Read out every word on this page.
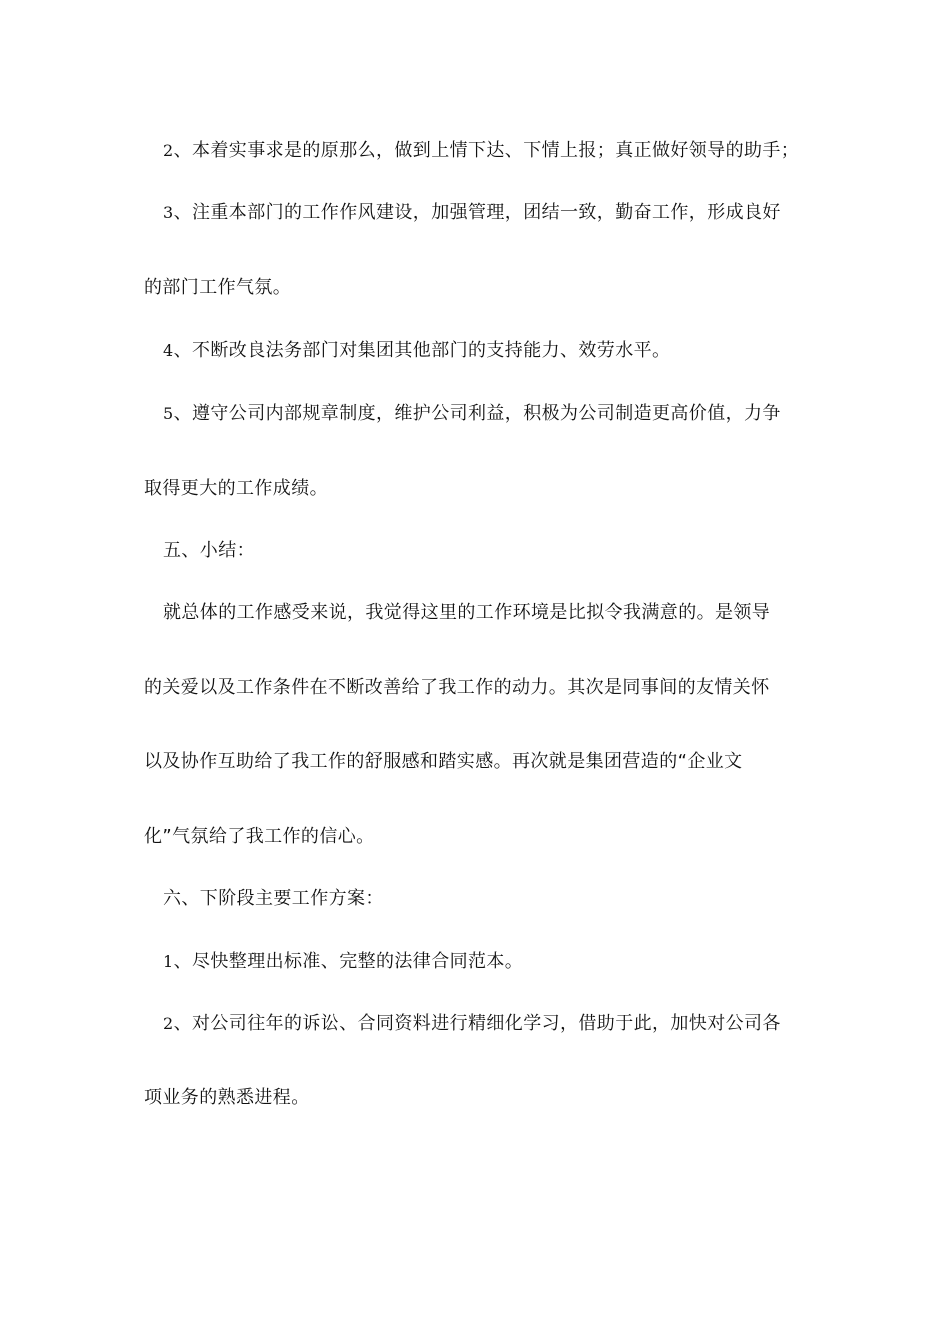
2、本着实事求是的原那么，做到上情下达、下情上报；真正做好领导的助手；
3、注重本部门的工作作风建设，加强管理，团结一致，勤奋工作，形成良好
的部门工作气氛。
4、不断改良法务部门对集团其他部门的支持能力、效劳水平。
5、遵守公司内部规章制度，维护公司利益，积极为公司制造更高价值，力争
取得更大的工作成绩。
五、小结：
就总体的工作感受来说，我觉得这里的工作环境是比拟令我满意的。是领导
的关爱以及工作条件在不断改善给了我工作的动力。其次是同事间的友情关怀
以及协作互助给了我工作的舒服感和踏实感。再次就是集团营造的“企业文
化”气氛给了我工作的信心。
六、下阶段主要工作方案：
1、尽快整理出标准、完整的法律合同范本。
2、对公司往年的诉讼、合同资料进行精细化学习，借助于此，加快对公司各
项业务的熟悉进程。
